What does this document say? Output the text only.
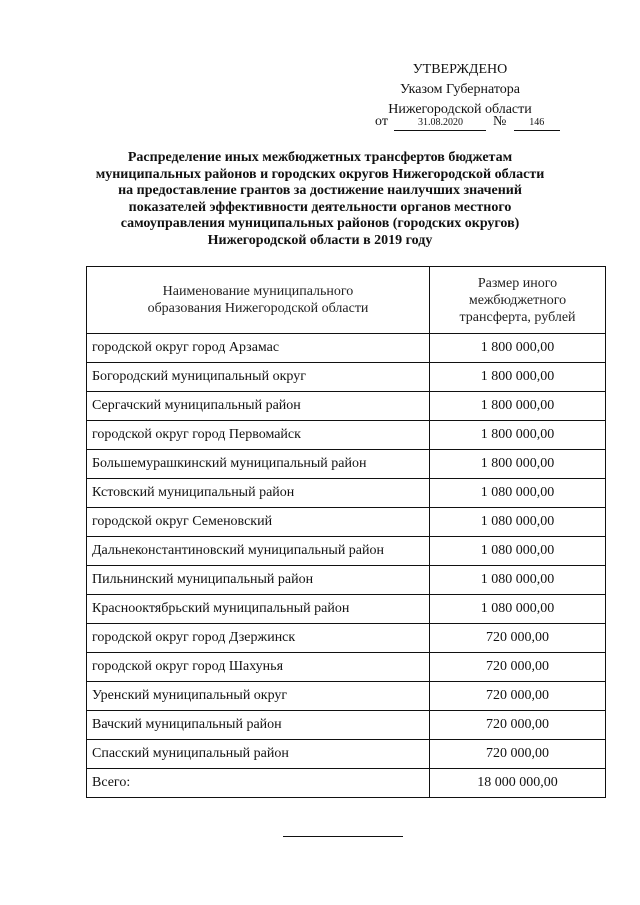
УТВЕРЖДЕНО
Указом Губернатора
Нижегородской области
от	31.08.2020 № 146
Распределение иных межбюджетных трансфертов бюджетам
муниципальных районов и городских округов Нижегородской области
на предоставление грантов за достижение наилучших значений
показателей эффективности деятельности органов местного
самоуправления муниципальных районов (городских округов)
Нижегородской области в 2019 году
Наименование муниципального
образования Нижегородской области	Размер иного
межбюджетного
трансферта, рублей
городской округ город Арзамас	1 800 000,00
Богородский муниципальный округ	1 800 000,00
Сергачский муниципальный район	1 800 000,00
городской округ город Первомайск	1 800 000,00
Большемурашкинский муниципальный район	1 800 000,00
Кстовский муниципальный район	1 080 000,00
городской округ Семеновский	1 080 000,00
Дальнеконстантиновский муниципальный район	1 080 000,00
Пильнинский муниципальный район	1 080 000,00
Краснооктябрьский муниципальный район	1 080 000,00
городской округ город Дзержинск	720 000,00
городской округ город Шахунья	720 000,00
Уренский муниципальный округ	720 000,00
Вачский муниципальный район	720 000,00
Спасский муниципальный район	720 000,00
Всего:	18 000 000,00
